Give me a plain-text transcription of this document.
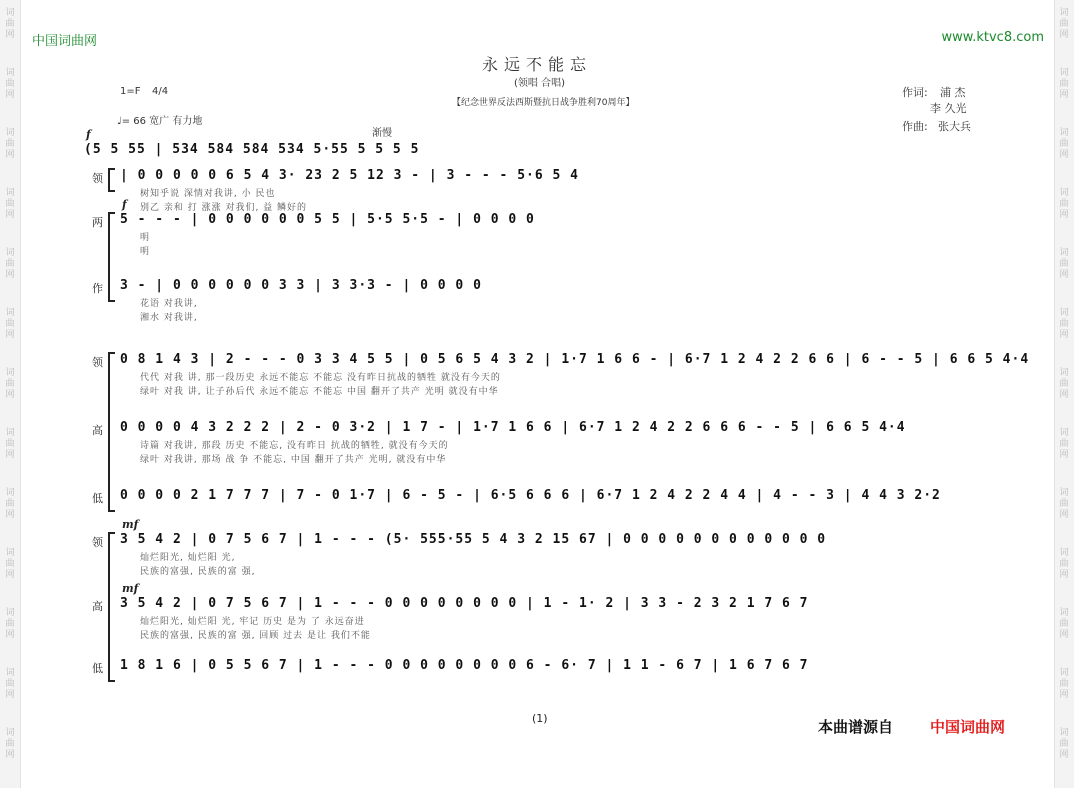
词
曲
网
词
曲
网
词
曲
网
词
曲
网
词
曲
网
词
曲
网
词
曲
网
词
曲
网
词
曲
网
词
曲
网
词
曲
网
词
曲
网
词
曲
网
词
曲
网
词
曲
网
词
曲
网
词
曲
网
词
曲
网
词
曲
网
词
曲
网
词
曲
网
词
曲
网
词
曲
网
词
曲
网
词
曲
网
词
曲
网
中国词曲网	www.ktvc8.com
永远不能忘
(领唱 合唱)
【纪念世界反法西斯暨抗日战争胜利70周年】
作词: 浦 杰
李 久光
作曲: 张大兵
1=F 4/4
♩= 66 宽广 有力地
渐慢
f
(5 5 55 | 534 584 584 534 5·55 5 5 5 5
领 | 0 0 0 0 0 6 5 4 3· 23 2 5 12 3 - | 3 - - - 5·6 5 4
树知乎说 深情对我讲, 小 民也
别乙 亲和 打 涨涨 对我们, 益 鳞好的
两
f
5 - - - | 0 0 0 0 0 0 5 5 | 5·5 5·5 - | 0 0 0 0
明
明
作 3 - | 0 0 0 0 0 0 3 3 | 3 3·3 - | 0 0 0 0
花语 对我讲,
湘水 对我讲,
领 0 8 1 4 3 | 2 - - - 0 3 3 4 5 5 | 0 5 6 5 4 3 2 | 1·7 1 6 6 - | 6·7 1 2 4 2 2 6 6 | 6 - - 5 | 6 6 5 4·4
代代 对我 讲, 那一段历史 永远不能忘 不能忘 没有昨日抗战的牺牲 就没有今天的
绿叶 对我 讲, 让子孙后代 永远不能忘 不能忘 中国 翻开了共产 光明 就没有中华
高 0 0 0 0 4 3 2 2 2 | 2 - 0 3·2 | 1 7 - | 1·7 1 6 6 | 6·7 1 2 4 2 2 6 6 6 - - 5 | 6 6 5 4·4
诗篇 对我讲, 那段 历史 不能忘, 没有昨日 抗战的牺牲, 就没有今天的
绿叶 对我讲, 那场 战 争 不能忘, 中国 翻开了共产 光明, 就没有中华
低 0 0 0 0 2 1 7 7 7 | 7 - 0 1·7 | 6 - 5 - | 6·5 6 6 6 | 6·7 1 2 4 2 2 4 4 | 4 - - 3 | 4 4 3 2·2
领
mf
3 5 4 2 | 0 7 5 6 7 | 1 - - - (5· 555·55 5 4 3 2 15 67 | 0 0 0 0 0 0 0 0 0 0 0 0
灿烂阳光, 灿烂阳 光,
民族的富强, 民族的富 强,
高
mf
3 5 4 2 | 0 7 5 6 7 | 1 - - - 0 0 0 0 0 0 0 0 | 1 - 1· 2 | 3 3 - 2 3 2 1 7 6 7
灿烂阳光, 灿烂阳 光, 牢记 历史 是为 了 永远奋进
民族的富强, 民族的富 强, 回顾 过去 是让 我们不能
低 1 8 1 6 | 0 5 5 6 7 | 1 - - - 0 0 0 0 0 0 0 0 6 - 6· 7 | 1 1 - 6 7 | 1 6 7 6 7
(1)	本曲谱源自 中国词曲网
